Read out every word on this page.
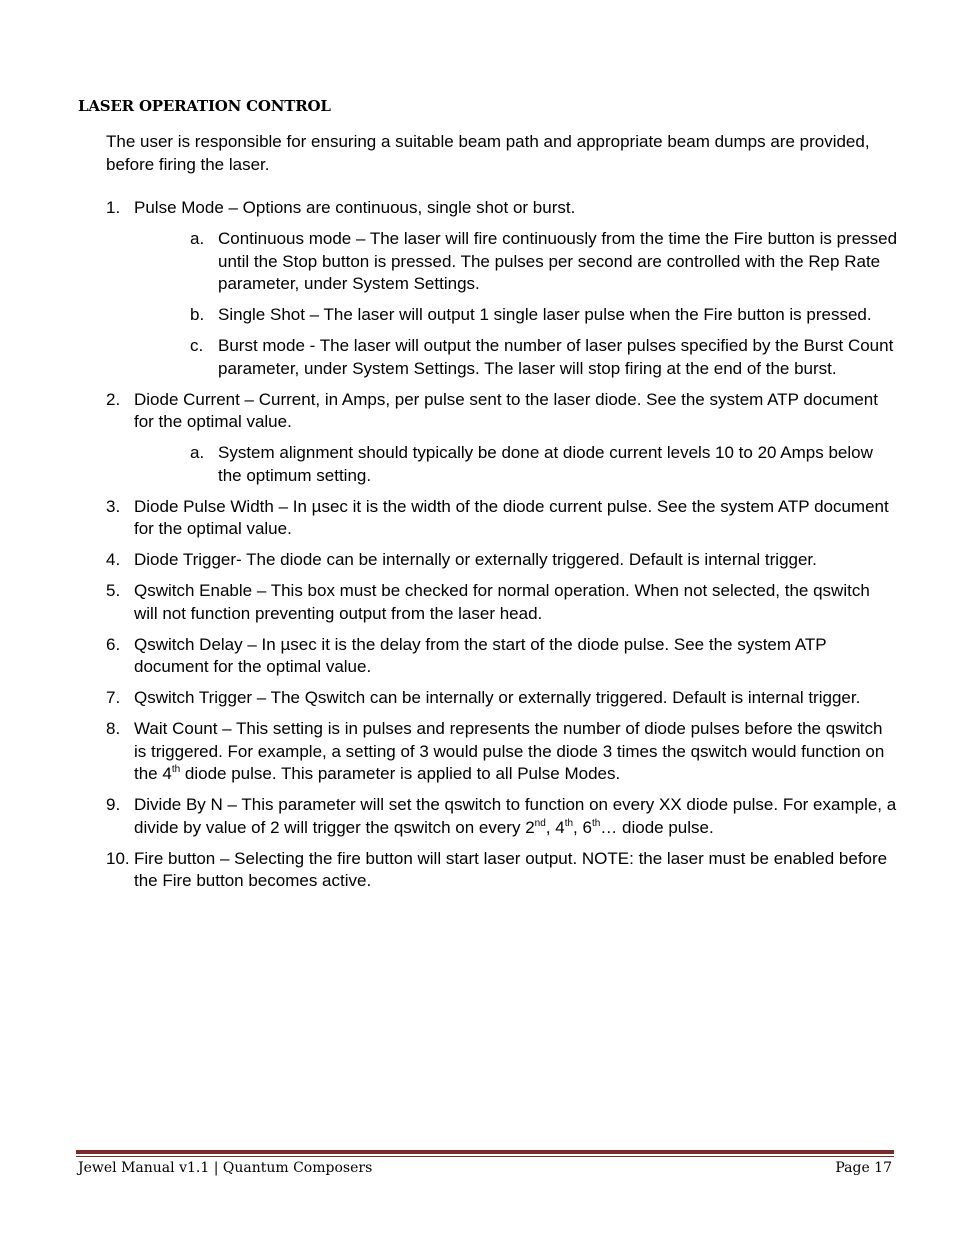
LASER OPERATION CONTROL

The user is responsible for ensuring a suitable beam path and appropriate beam dumps are provided, before firing the laser.

1. Pulse Mode – Options are continuous, single shot or burst.
a. Continuous mode – The laser will fire continuously from the time the Fire button is pressed until the Stop button is pressed. The pulses per second are controlled with the Rep Rate parameter, under System Settings.
b. Single Shot – The laser will output 1 single laser pulse when the Fire button is pressed.
c. Burst mode - The laser will output the number of laser pulses specified by the Burst Count parameter, under System Settings. The laser will stop firing at the end of the burst.
2. Diode Current – Current, in Amps, per pulse sent to the laser diode. See the system ATP document for the optimal value.
a. System alignment should typically be done at diode current levels 10 to 20 Amps below the optimum setting.
3. Diode Pulse Width – In µsec it is the width of the diode current pulse. See the system ATP document for the optimal value.
4. Diode Trigger- The diode can be internally or externally triggered. Default is internal trigger.
5. Qswitch Enable – This box must be checked for normal operation. When not selected, the qswitch will not function preventing output from the laser head.
6. Qswitch Delay – In µsec it is the delay from the start of the diode pulse. See the system ATP document for the optimal value.
7. Qswitch Trigger – The Qswitch can be internally or externally triggered. Default is internal trigger.
8. Wait Count – This setting is in pulses and represents the number of diode pulses before the qswitch is triggered. For example, a setting of 3 would pulse the diode 3 times the qswitch would function on the 4th diode pulse. This parameter is applied to all Pulse Modes.
9. Divide By N – This parameter will set the qswitch to function on every XX diode pulse. For example, a divide by value of 2 will trigger the qswitch on every 2nd, 4th, 6th… diode pulse.
10. Fire button – Selecting the fire button will start laser output. NOTE: the laser must be enabled before the Fire button becomes active.
Jewel Manual v1.1 | Quantum Composers	Page 17
